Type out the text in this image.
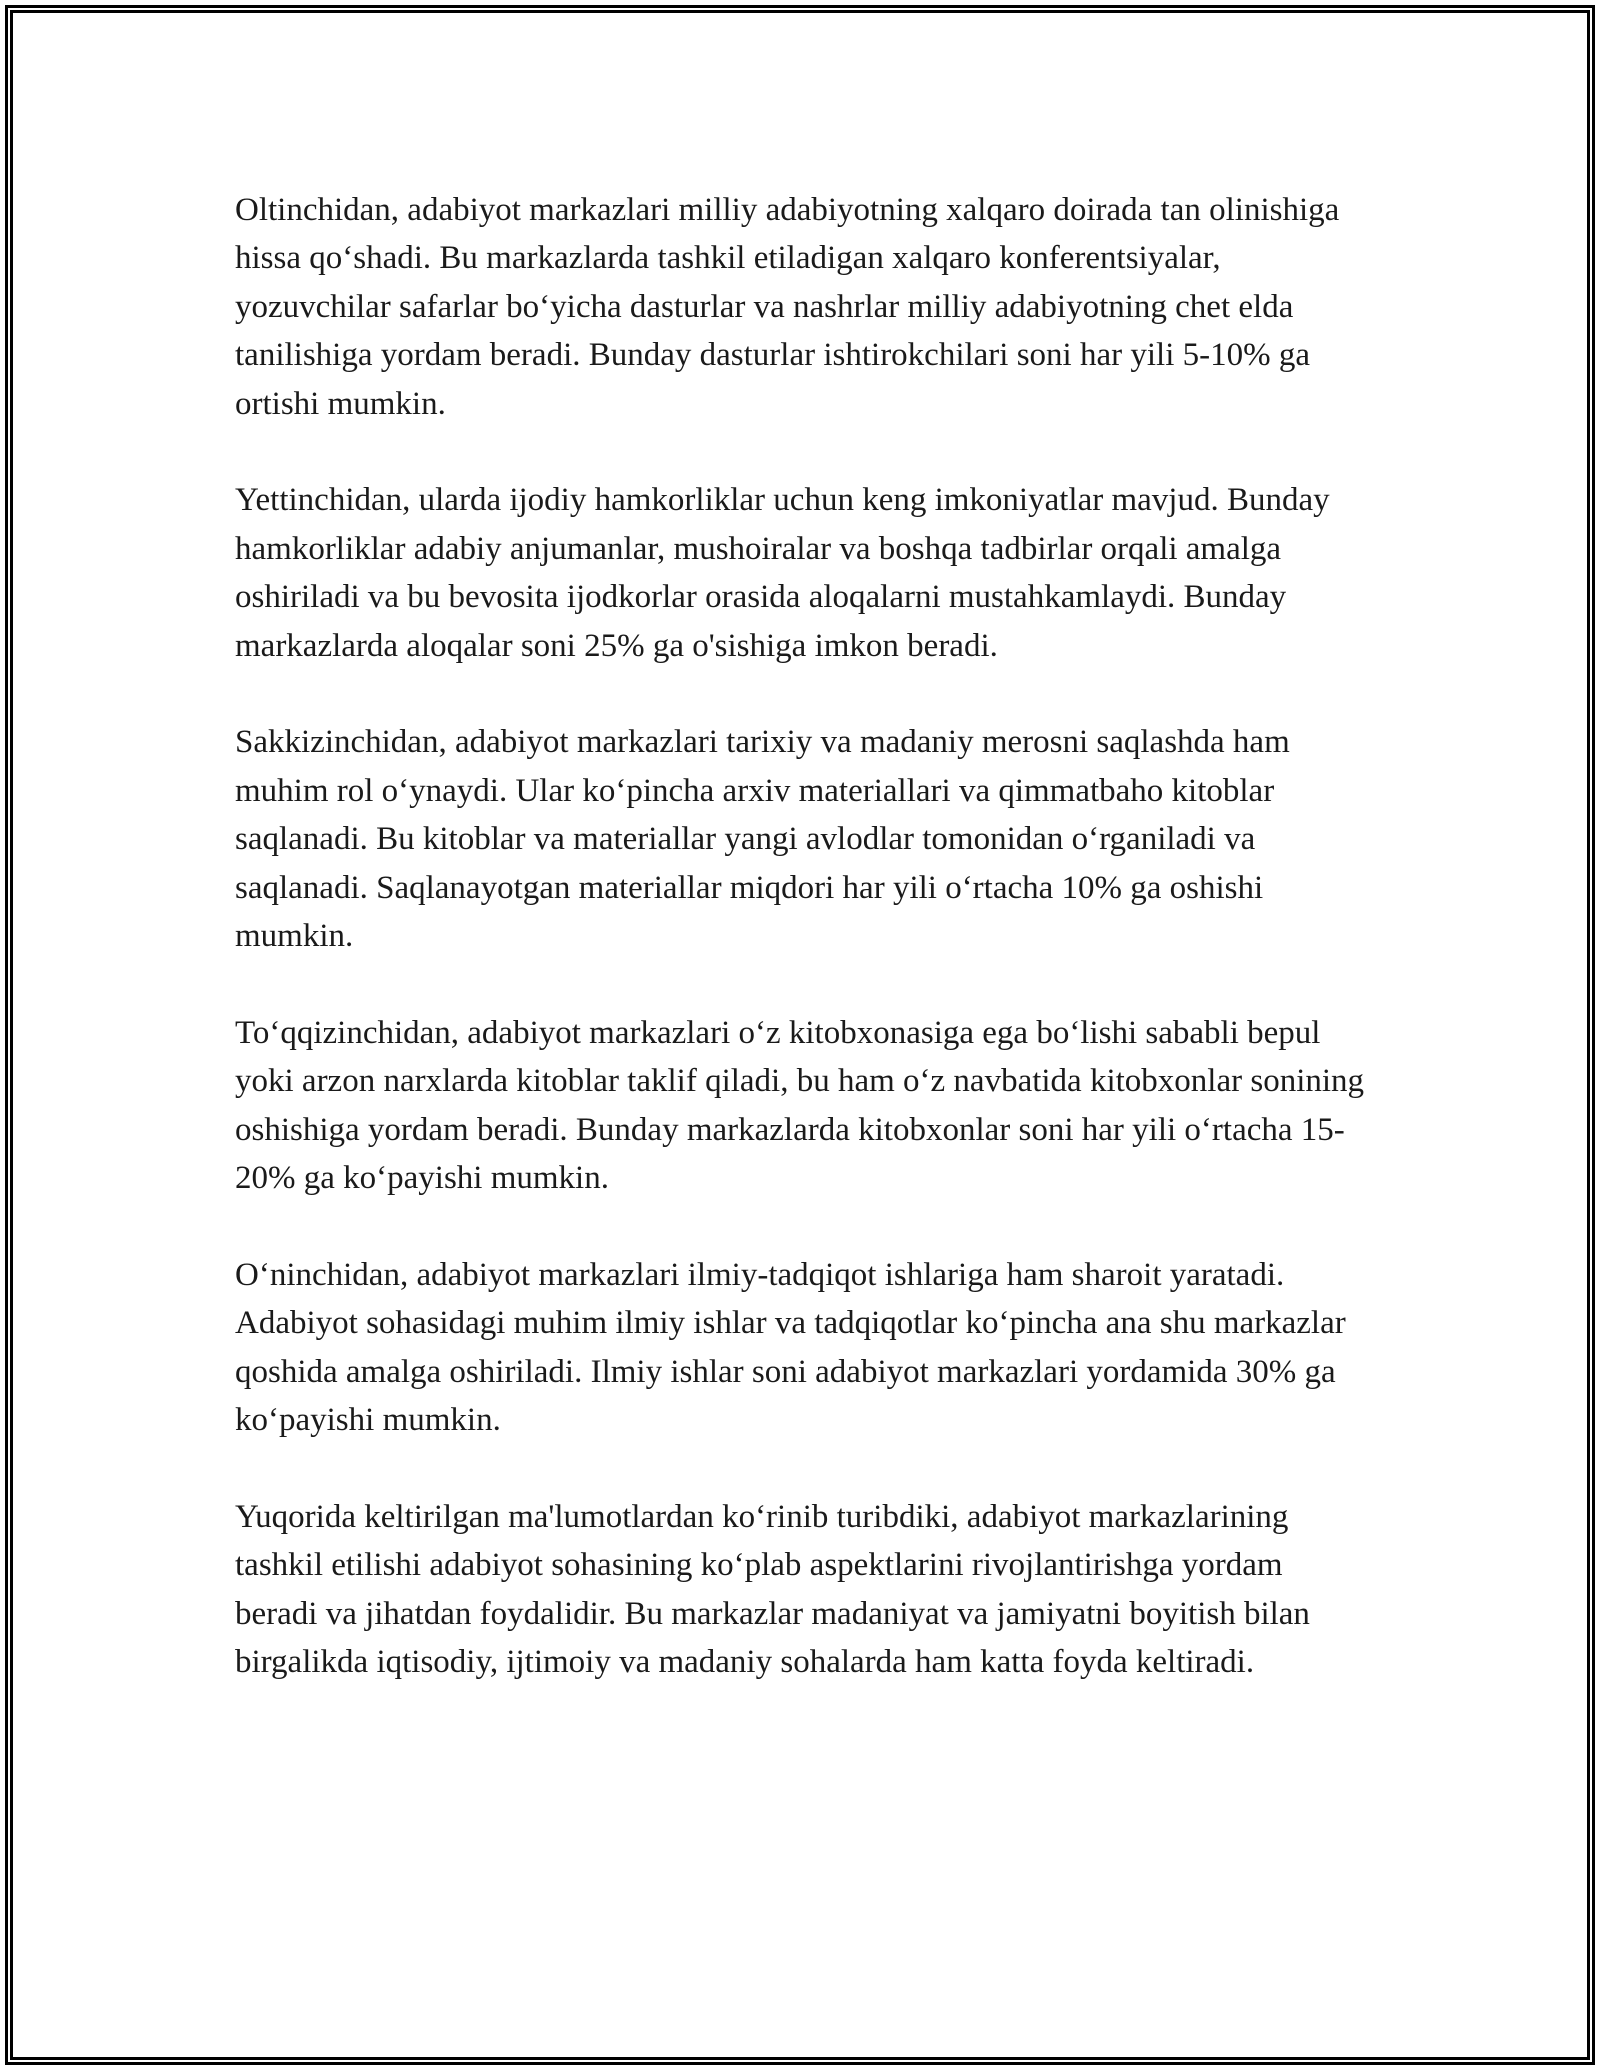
Oltinchidan, adabiyot markazlari milliy adabiyotning xalqaro doirada tan olinishiga hissa qo‘shadi. Bu markazlarda tashkil etiladigan xalqaro konferentsiyalar, yozuvchilar safarlar bo‘yicha dasturlar va nashrlar milliy adabiyotning chet elda tanilishiga yordam beradi. Bunday dasturlar ishtirokchilari soni har yili 5-10% ga ortishi mumkin.

Yettinchidan, ularda ijodiy hamkorliklar uchun keng imkoniyatlar mavjud. Bunday hamkorliklar adabiy anjumanlar, mushoiralar va boshqa tadbirlar orqali amalga oshiriladi va bu bevosita ijodkorlar orasida aloqalarni mustahkamlaydi. Bunday markazlarda aloqalar soni 25% ga o'sishiga imkon beradi.

Sakkizinchidan, adabiyot markazlari tarixiy va madaniy merosni saqlashda ham muhim rol o‘ynaydi. Ular ko‘pincha arxiv materiallari va qimmatbaho kitoblar saqlanadi. Bu kitoblar va materiallar yangi avlodlar tomonidan o‘rganiladi va saqlanadi. Saqlanayotgan materiallar miqdori har yili o‘rtacha 10% ga oshishi mumkin.

To‘qqizinchidan, adabiyot markazlari o‘z kitobxonasiga ega bo‘lishi sababli bepul yoki arzon narxlarda kitoblar taklif qiladi, bu ham o‘z navbatida kitobxonlar sonining oshishiga yordam beradi. Bunday markazlarda kitobxonlar soni har yili o‘rtacha 15-20% ga ko‘payishi mumkin.

O‘ninchidan, adabiyot markazlari ilmiy-tadqiqot ishlariga ham sharoit yaratadi. Adabiyot sohasidagi muhim ilmiy ishlar va tadqiqotlar ko‘pincha ana shu markazlar qoshida amalga oshiriladi. Ilmiy ishlar soni adabiyot markazlari yordamida 30% ga ko‘payishi mumkin.

Yuqorida keltirilgan ma'lumotlardan ko‘rinib turibdiki, adabiyot markazlarining tashkil etilishi adabiyot sohasining ko‘plab aspektlarini rivojlantirishga yordam beradi va jihatdan foydalidir. Bu markazlar madaniyat va jamiyatni boyitish bilan birgalikda iqtisodiy, ijtimoiy va madaniy sohalarda ham katta foyda keltiradi.
